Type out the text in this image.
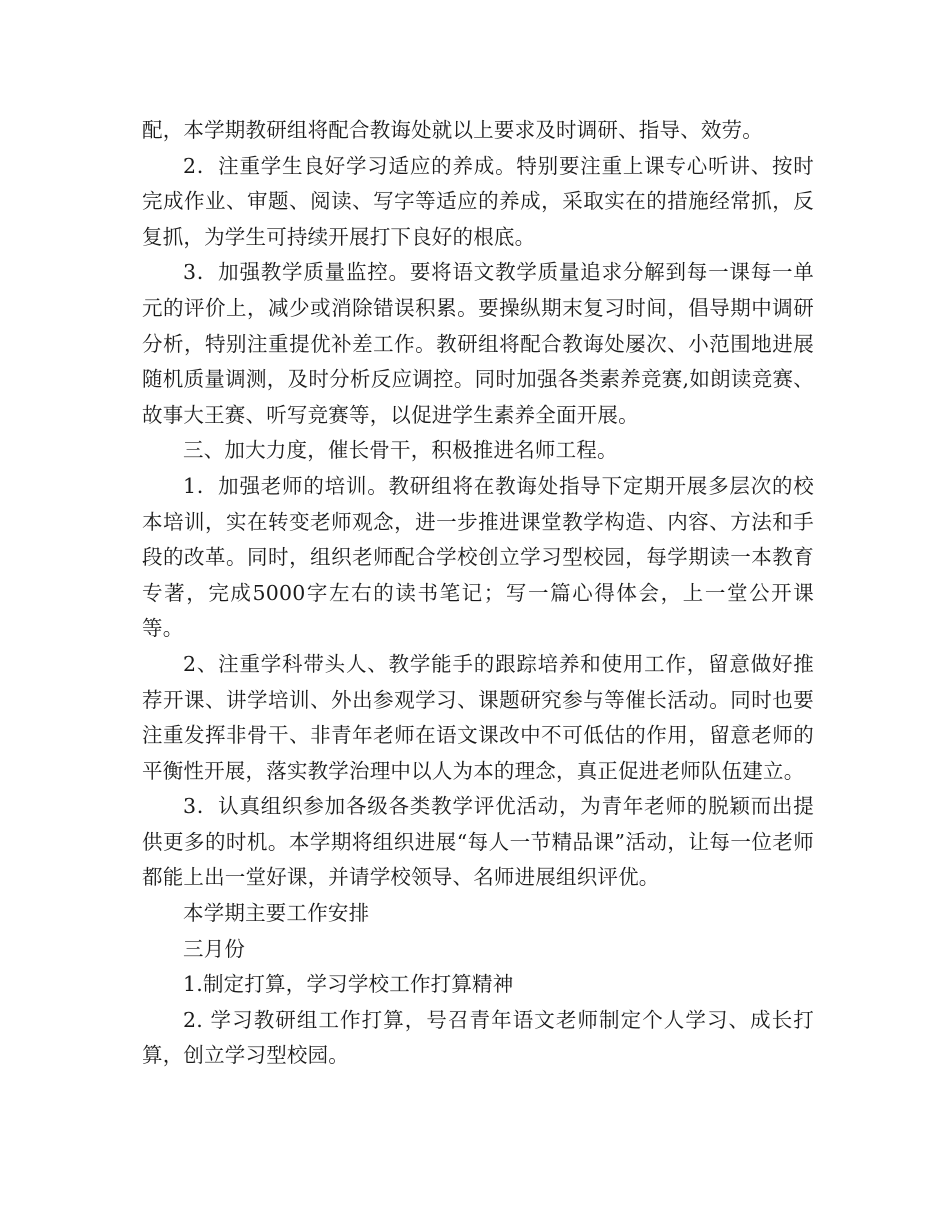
配，本学期教研组将配合教诲处就以上要求及时调研、指导、效劳。

2．注重学生良好学习适应的养成。特别要注重上课专心听讲、按时完成作业、审题、阅读、写字等适应的养成，采取实在的措施经常抓，反复抓，为学生可持续开展打下良好的根底。

3．加强教学质量监控。要将语文教学质量追求分解到每一课每一单元的评价上，减少或消除错误积累。要操纵期末复习时间，倡导期中调研分析，特别注重提优补差工作。教研组将配合教诲处屡次、小范围地进展随机质量调测，及时分析反应调控。同时加强各类素养竞赛,如朗读竞赛、故事大王赛、听写竞赛等，以促进学生素养全面开展。

三、加大力度，催长骨干，积极推进名师工程。

1．加强老师的培训。教研组将在教诲处指导下定期开展多层次的校本培训，实在转变老师观念，进一步推进课堂教学构造、内容、方法和手段的改革。同时，组织老师配合学校创立学习型校园，每学期读一本教育专著，完成5000字左右的读书笔记；写一篇心得体会，上一堂公开课等。

2、注重学科带头人、教学能手的跟踪培养和使用工作，留意做好推荐开课、讲学培训、外出参观学习、课题研究参与等催长活动。同时也要注重发挥非骨干、非青年老师在语文课改中不可低估的作用，留意老师的平衡性开展，落实教学治理中以人为本的理念，真正促进老师队伍建立。

3．认真组织参加各级各类教学评优活动，为青年老师的脱颖而出提供更多的时机。本学期将组织进展“每人一节精品课”活动，让每一位老师都能上出一堂好课，并请学校领导、名师进展组织评优。

本学期主要工作安排

三月份

1.制定打算，学习学校工作打算精神

2. 学习教研组工作打算，号召青年语文老师制定个人学习、成长打算，创立学习型校园。
